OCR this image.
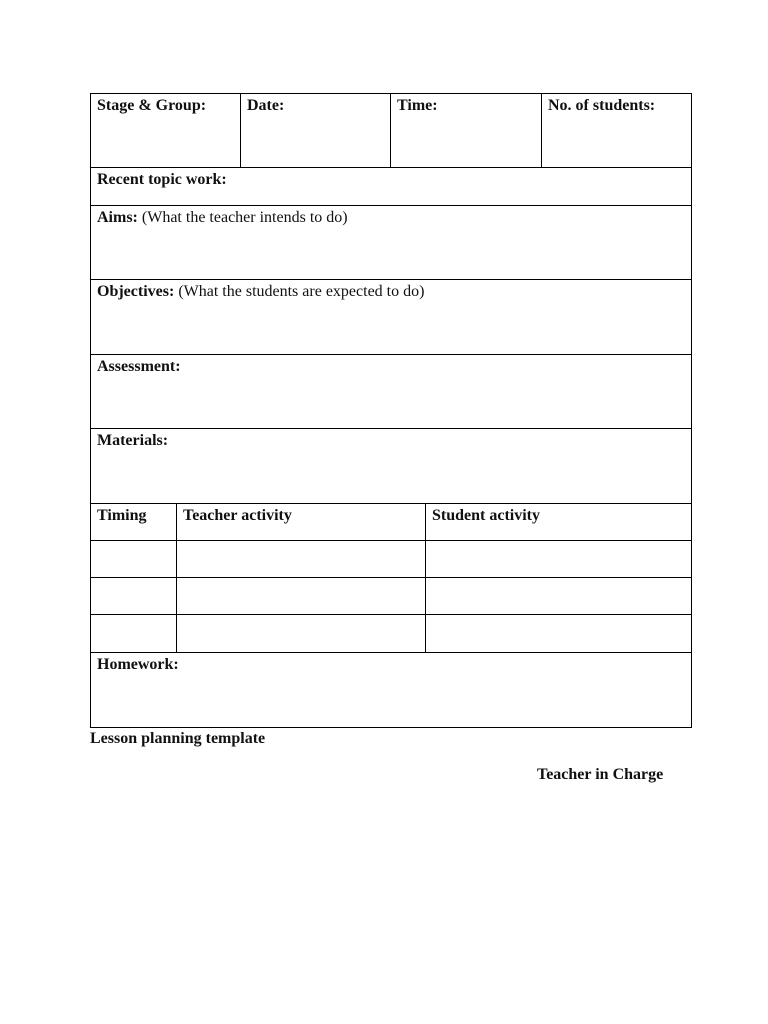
Stage & Group:	Date:	Time:	No. of students:
Recent topic work:
Aims: (What the teacher intends to do)
Objectives: (What the students are expected to do)
Assessment:
Materials:
Timing	Teacher activity	Student activity
Homework:
Lesson planning template
Teacher in Charge
